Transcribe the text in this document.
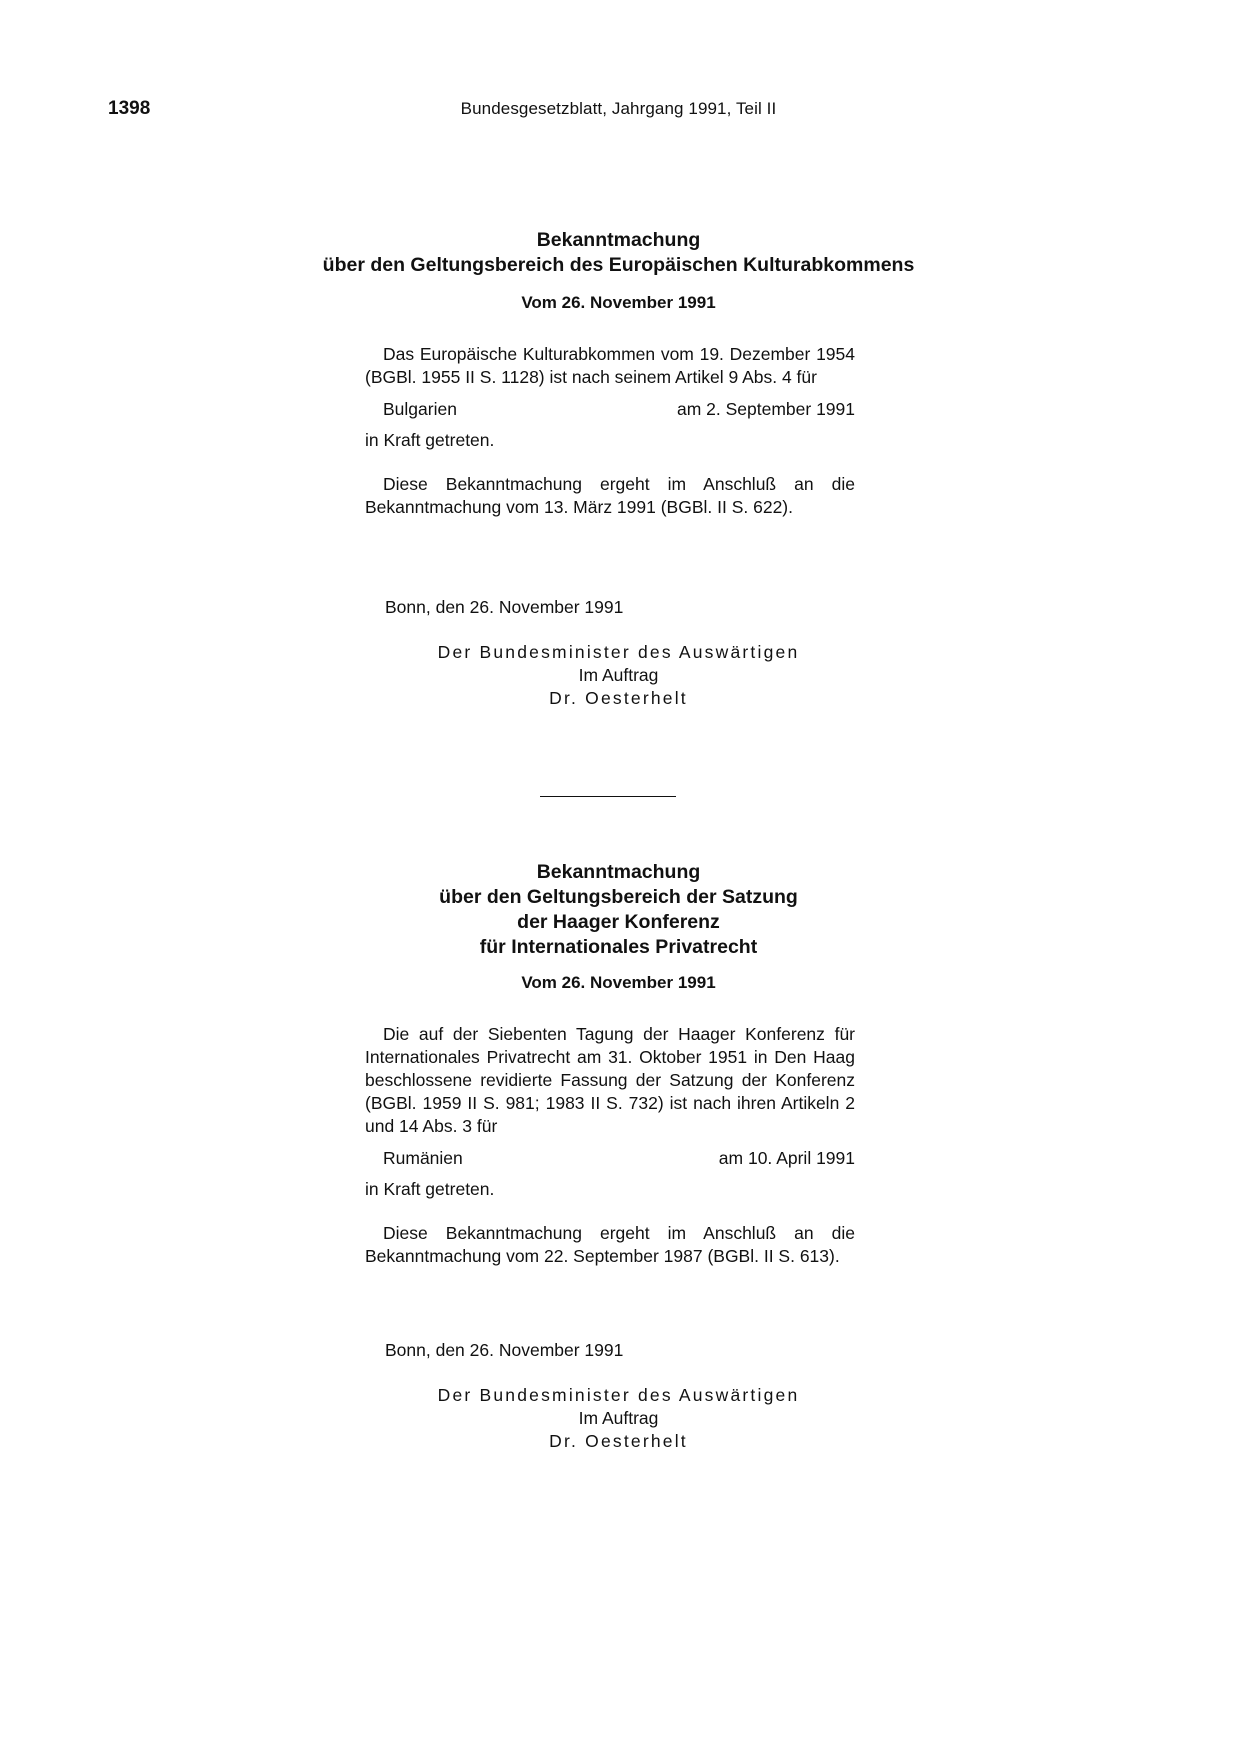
1398	Bundesgesetzblatt, Jahrgang 1991, Teil II
Bekanntmachung
über den Geltungsbereich des Europäischen Kulturabkommens
Vom 26. November 1991

Das Europäische Kulturabkommen vom 19. Dezember 1954 (BGBl. 1955 II S. 1128) ist nach seinem Artikel 9 Abs. 4 für

Bulgarien	am 2. September 1991

in Kraft getreten.

Diese Bekanntmachung ergeht im Anschluß an die Bekanntmachung vom 13. März 1991 (BGBl. II S. 622).

Bonn, den 26. November 1991
Der Bundesminister des Auswärtigen
Im Auftrag
Dr. Oesterhelt
Bekanntmachung
über den Geltungsbereich der Satzung
der Haager Konferenz
für Internationales Privatrecht
Vom 26. November 1991

Die auf der Siebenten Tagung der Haager Konferenz für Internationales Privatrecht am 31. Oktober 1951 in Den Haag beschlossene revidierte Fassung der Satzung der Konferenz (BGBl. 1959 II S. 981; 1983 II S. 732) ist nach ihren Artikeln 2 und 14 Abs. 3 für

Rumänien	am 10. April 1991

in Kraft getreten.

Diese Bekanntmachung ergeht im Anschluß an die Bekanntmachung vom 22. September 1987 (BGBl. II S. 613).

Bonn, den 26. November 1991
Der Bundesminister des Auswärtigen
Im Auftrag
Dr. Oesterhelt
